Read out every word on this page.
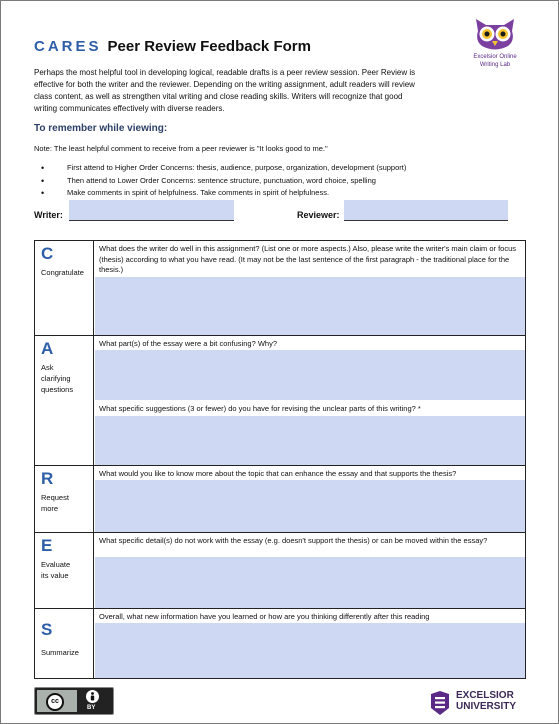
CARES Peer Review Feedback Form
Excelsior Online
Writing Lab

Perhaps the most helpful tool in developing logical, readable drafts is a peer review session. Peer Review is effective for both the writer and the reviewer. Depending on the writing assignment, adult readers will review class content, as well as strengthen vital writing and close reading skills. Writers will recognize that good writing communicates effectively with diverse readers.

To remember while viewing:
Note: The least helpful comment to receive from a peer reviewer is "It looks good to me."
• First attend to Higher Order Concerns: thesis, audience, purpose, organization, development (support)
• Then attend to Lower Order Concerns: sentence structure, punctuation, word choice, spelling
• Make comments in spirit of helpfulness. Take comments in spirit of helpfulness.
Writer:	Reviewer:
C
Congratulate
What does the writer do well in this assignment? (List one or more aspects.) Also, please write the writer's main claim or focus (thesis) according to what you have read. (It may not be the last sentence of the first paragraph - the traditional place for the thesis.)
A
Ask
clarifying
questions
What part(s) of the essay were a bit confusing? Why?
What specific suggestions (3 or fewer) do you have for revising the unclear parts of this writing? *
R
Request
more
What would you like to know more about the topic that can enhance the essay and that supports the thesis?
E
Evaluate
its value
What specific detail(s) do not work with the essay (e.g. doesn't support the thesis) or can be moved within the essay?
S
Summarize
Overall, what new information have you learned or how are you thinking differently after this reading
cc
BY
EXCELSIOR
UNIVERSITY
